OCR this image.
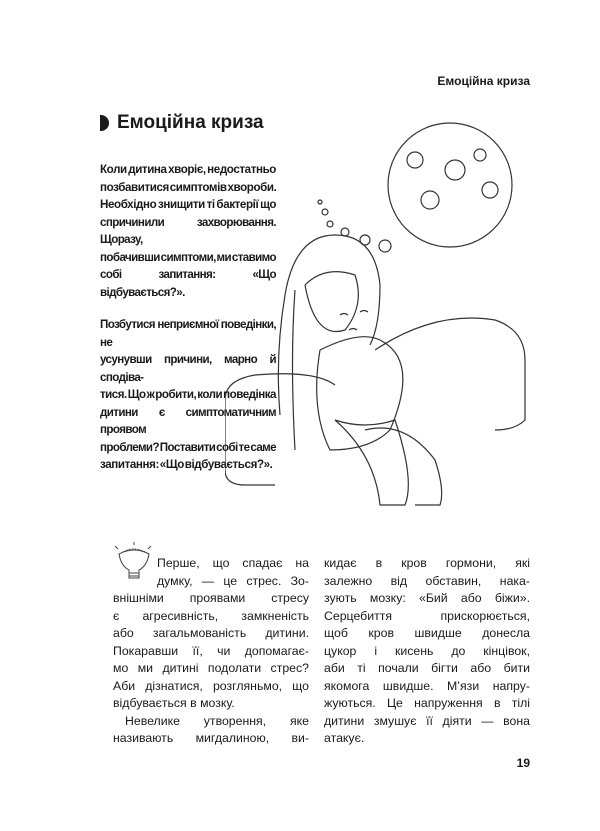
Емоційна криза
Емоційна криза
Коли дитина хворіє, недостатньо
позбавитися симптомів хвороби.
Необхідно знищити ті бактерії що
спричинили захворювання. Щоразу,
побачивши симптоми, ми ставимо
собі запитання: «Що відбувається?».
Позбутися неприємної поведінки, не
усунувши причини, марно й сподіва-
тися. Що ж робити, коли поведінка
дитини є симптоматичним проявом
проблеми? Поставити собі те саме
запитання: «Що відбувається?».
Перше, що спадає на
думку, — це стрес. Зо-
внішніми проявами стресу
є агресивність, замкненість
або загальмованість дитини.
Покаравши її, чи допомагає-
мо ми дитині подолати стрес?
Аби дізнатися, розгляньмо, що
відбувається в мозку.
Невелике утворення, яке
називають мигдалиною, ви-
кидає в кров гормони, які
залежно від обставин, нака-
зують мозку: «Бий або біжи».
Серцебиття прискорюється,
щоб кров швидше донесла
цукор і кисень до кінцівок,
аби ті почали бігти або бити
якомога швидше. М’язи напру-
жуються. Це напруження в тілі
дитини змушує її діяти — вона
атакує.
19
